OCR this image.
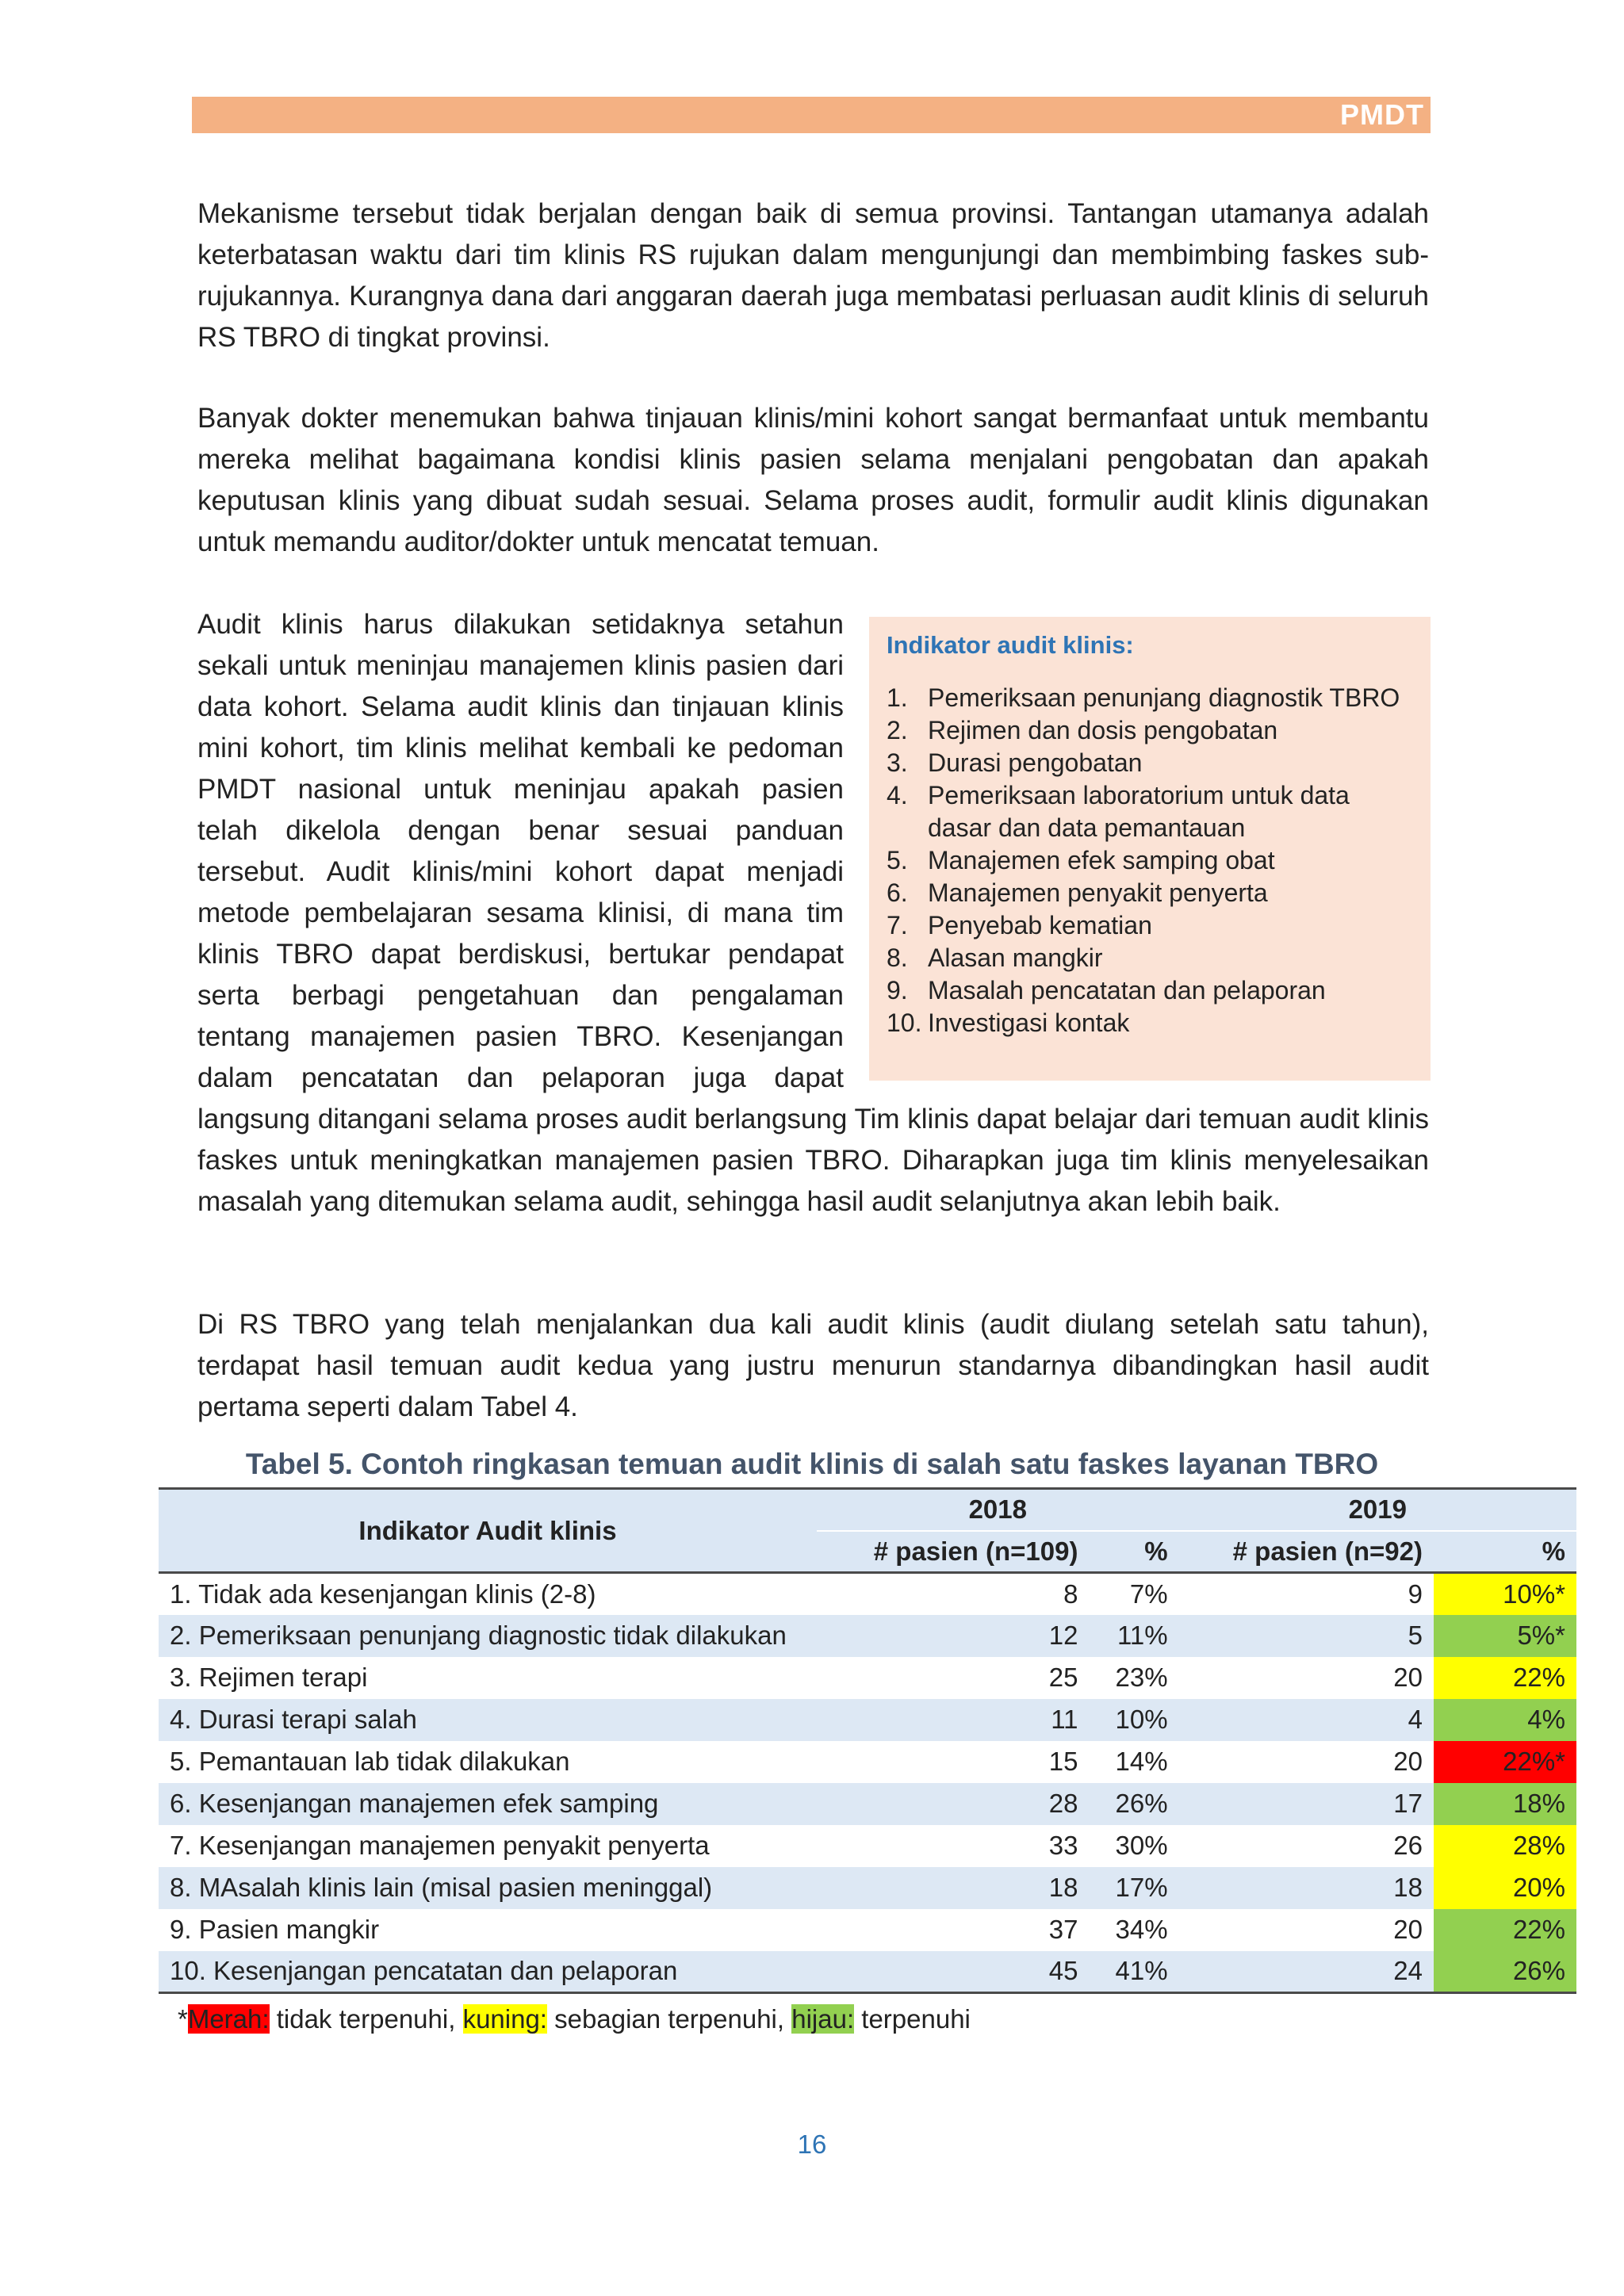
PMDT

Mekanisme tersebut tidak berjalan dengan baik di semua provinsi. Tantangan utamanya adalah keterbatasan waktu dari tim klinis RS rujukan dalam mengunjungi dan membimbing faskes sub-rujukannya. Kurangnya dana dari anggaran daerah juga membatasi perluasan audit klinis di seluruh RS TBRO di tingkat provinsi.

Banyak dokter menemukan bahwa tinjauan klinis/mini kohort sangat bermanfaat untuk membantu mereka melihat bagaimana kondisi klinis pasien selama menjalani pengobatan dan apakah keputusan klinis yang dibuat sudah sesuai. Selama proses audit, formulir audit klinis digunakan untuk memandu auditor/dokter untuk mencatat temuan.

Audit klinis harus dilakukan setidaknya setahun
sekali untuk meninjau manajemen klinis pasien dari
data kohort. Selama audit klinis dan tinjauan klinis
mini kohort, tim klinis melihat kembali ke pedoman
PMDT nasional untuk meninjau apakah pasien
telah dikelola dengan benar sesuai panduan
tersebut. Audit klinis/mini kohort dapat menjadi
metode pembelajaran sesama klinisi, di mana tim
klinis TBRO dapat berdiskusi, bertukar pendapat
serta berbagi pengetahuan dan pengalaman
tentang manajemen pasien TBRO. Kesenjangan
dalam pencatatan dan pelaporan juga dapat

langsung ditangani selama proses audit berlangsung Tim klinis dapat belajar dari temuan audit klinis faskes untuk meningkatkan manajemen pasien TBRO. Diharapkan juga tim klinis menyelesaikan masalah yang ditemukan selama audit, sehingga hasil audit selanjutnya akan lebih baik.

Indikator audit klinis:
1. Pemeriksaan penunjang diagnostik TBRO
2. Rejimen dan dosis pengobatan
3. Durasi pengobatan
4. Pemeriksaan laboratorium untuk data dasar dan data pemantauan
5. Manajemen efek samping obat
6. Manajemen penyakit penyerta
7. Penyebab kematian
8. Alasan mangkir
9. Masalah pencatatan dan pelaporan
10. Investigasi kontak

Di RS TBRO yang telah menjalankan dua kali audit klinis (audit diulang setelah satu tahun), terdapat hasil temuan audit kedua yang justru menurun standarnya dibandingkan hasil audit pertama seperti dalam Tabel 4.

Tabel 5. Contoh ringkasan temuan audit klinis di salah satu faskes layanan TBRO
Indikator Audit klinis	2018		2019	
	# pasien (n=109)	%	# pasien (n=92)	%
1. Tidak ada kesenjangan klinis (2-8)	8	7%	9	10%*
2. Pemeriksaan penunjang diagnostic tidak dilakukan	12	11%	5	5%*
3. Rejimen terapi	25	23%	20	22%
4. Durasi terapi salah	11	10%	4	4%
5. Pemantauan lab tidak dilakukan	15	14%	20	22%*
6. Kesenjangan manajemen efek samping	28	26%	17	18%
7. Kesenjangan manajemen penyakit penyerta	33	30%	26	28%
8. MAsalah klinis lain (misal pasien meninggal)	18	17%	18	20%
9. Pasien mangkir	37	34%	20	22%
10. Kesenjangan pencatatan dan pelaporan	45	41%	24	26%
*Merah: tidak terpenuhi, kuning: sebagian terpenuhi, hijau: terpenuhi
16
